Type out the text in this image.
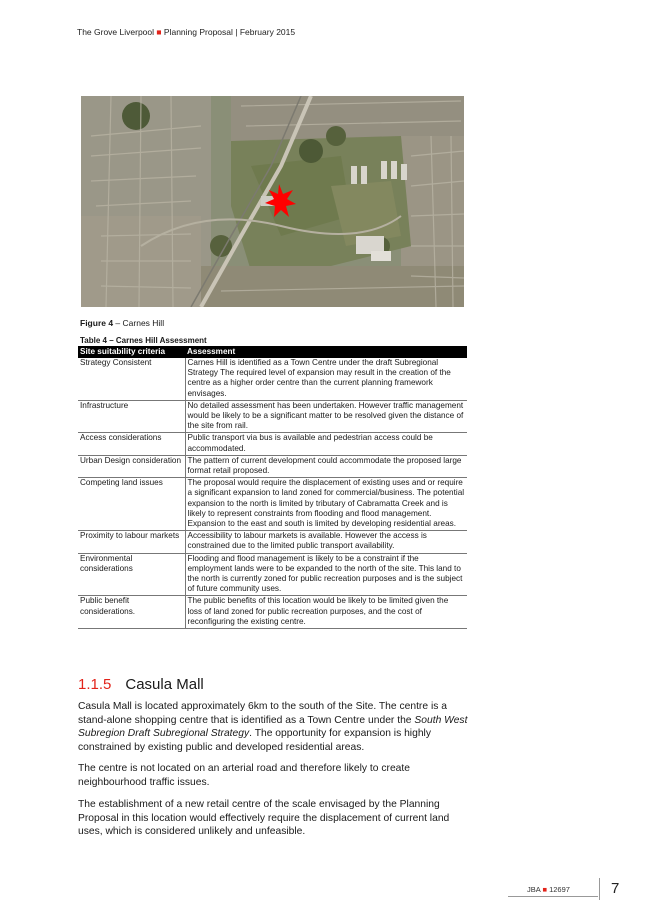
The Grove Liverpool ■ Planning Proposal | February 2015
Figure 4 – Carnes Hill
Table 4 – Carnes Hill Assessment
Site suitability criteria	Assessment
Strategy Consistent	Carnes Hill is identified as a Town Centre under the draft Subregional Strategy The required level of expansion may result in the creation of the centre as a higher order centre than the current planning framework envisages.
Infrastructure	No detailed assessment has been undertaken. However traffic management would be likely to be a significant matter to be resolved given the distance of the site from rail.
Access considerations	Public transport via bus is available and pedestrian access could be accommodated.
Urban Design consideration	The pattern of current development could accommodate the proposed large format retail proposed.
Competing land issues	The proposal would require the displacement of existing uses and or require a significant expansion to land zoned for commercial/business. The potential expansion to the north is limited by tributary of Cabramatta Creek and is likely to represent constraints from flooding and flood management. Expansion to the east and south is limited by developing residential areas.
Proximity to labour markets	Accessibility to labour markets is available. However the access is constrained due to the limited public transport availability.
Environmental considerations	Flooding and flood management is likely to be a constraint if the employment lands were to be expanded to the north of the site. This land to the north is currently zoned for public recreation purposes and is the subject of future community uses.
Public benefit considerations.	The public benefits of this location would be likely to be limited given the loss of land zoned for public recreation purposes, and the cost of reconfiguring the existing centre.
1.1.5 Casula Mall

Casula Mall is located approximately 6km to the south of the Site. The centre is a stand-alone shopping centre that is identified as a Town Centre under the South West Subregion Draft Subregional Strategy. The opportunity for expansion is highly constrained by existing public and developed residential areas.

The centre is not located on an arterial road and therefore likely to create neighbourhood traffic issues.

The establishment of a new retail centre of the scale envisaged by the Planning Proposal in this location would effectively require the displacement of current land uses, which is considered unlikely and unfeasible.

JBA ■ 12697	7
